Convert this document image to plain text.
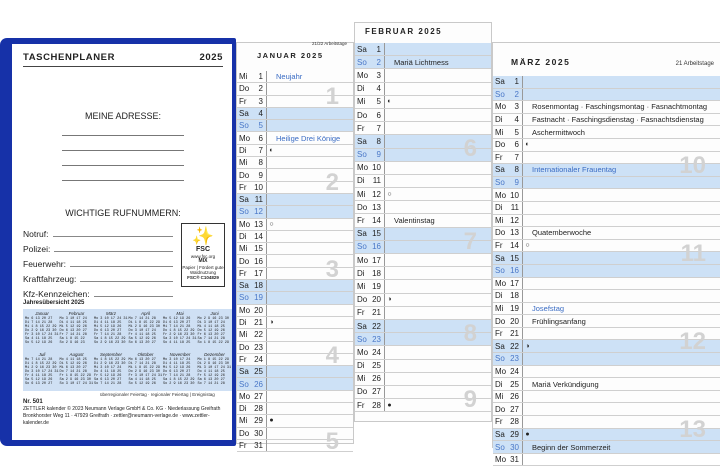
TASCHENPLANER	2025
MEINE ADRESSE:
WICHTIGE RUFNUMMERN:
Notruf:
Polizei:
Feuerwehr:
Kraftfahrzeug:
Kfz-Kennzeichen:
✨
FSC
www.fsc.org
MIX
Papier | Fördert gute Waldnutzung
FSC® C104829
Jahresübersicht 2025
Januar
Mo 6 13 20 27
Di 7 14 21 28
Mi 1 8 15 22 29
Do 2 9 16 23 30
Fr 3 10 17 24 31
Sa 4 11 18 25
So 5 12 19 26
Februar
Mo 3 10 17 24
Di 4 11 18 25
Mi 5 12 19 26
Do 6 13 20 27
Fr 7 14 21 28
Sa 1 8 15 22
So 2 9 16 23
März
Mo 3 10 17 24 31
Di 4 11 18 25
Mi 5 12 19 26
Do 6 13 20 27
Fr 7 14 21 28
Sa 1 8 15 22 29
So 2 9 16 23 30
April
Mo 7 14 21 28
Di 1 8 15 22 29
Mi 2 9 16 23 30
Do 3 10 17 24
Fr 4 11 18 25
Sa 5 12 19 26
So 6 13 20 27
Mai
Mo 5 12 19 26
Di 6 13 20 27
Mi 7 14 21 28
Do 1 8 15 22 29
Fr 2 9 16 23 30
Sa 3 10 17 24 31
So 4 11 18 25
Juni
Mo 2 9 16 23 30
Di 3 10 17 24
Mi 4 11 18 25
Do 5 12 19 26
Fr 6 13 20 27
Sa 7 14 21 28
So 1 8 15 22 29
Juli
Mo 7 14 21 28
Di 1 8 15 22 29
Mi 2 9 16 23 30
Do 3 10 17 24 31
Fr 4 11 18 25
Sa 5 12 19 26
So 6 13 20 27
August
Mo 4 11 18 25
Di 5 12 19 26
Mi 6 13 20 27
Do 7 14 21 28
Fr 1 8 15 22 29
Sa 2 9 16 23 30
So 3 10 17 24 31
September
Mo 1 8 15 22 29
Di 2 9 16 23 30
Mi 3 10 17 24
Do 4 11 18 25
Fr 5 12 19 26
Sa 6 13 20 27
So 7 14 21 28
Oktober
Mo 6 13 20 27
Di 7 14 21 28
Mi 1 8 15 22 29
Do 2 9 16 23 30
Fr 3 10 17 24 31
Sa 4 11 18 25
So 5 12 19 26
November
Mo 3 10 17 24
Di 4 11 18 25
Mi 5 12 19 26
Do 6 13 20 27
Fr 7 14 21 28
Sa 1 8 15 22 29
So 2 9 16 23 30
Dezember
Mo 1 8 15 22 29
Di 2 9 16 23 30
Mi 3 10 17 24 31
Do 4 11 18 25
Fr 5 12 19 26
Sa 6 13 20 27
So 7 14 21 28
überregionaler Feiertag · regionaler Feiertag | Ereignistag
Nr. 501
ZETTLER kalender © 2023 Neumann Verlage GmbH & Co. KG · Niederlassung Greifrath
Bronkhorster Weg 11 · 47929 Greifrath · zettler@neumann-verlage.de · www.zettler-kalender.de
JANUAR 2025
21/22 Arbeitstage
Mi	1	Neujahr
Do	2
Fr	3
Sa	4
So	5
Mo	6	Heilige Drei Könige
Di	7 ◐
Mi	8
Do	9
Fr 10
Sa 11
So 12
Mo 13 ○
Di 14
Mi 15
Do 16
Fr 17
Sa 18
So 19
Mo 20
Di 21 ◑
Mi 22
Do 23
Fr 24
Sa 25
So 26
Mo 27
Di 28
Mi 29 ●
Do 30
Fr 31
1
2
3
4
5
FEBRUAR 2025
Sa	1
So	2	Mariä Lichtmess
Mo	3
Di	4
Mi	5 ◐
Do	6
Fr	7
Sa	8
So	9
Mo 10
Di	11
Mi 12 ○
Do 13
Fr 14	Valentinstag
Sa 15
So 16
Mo 17
Di 18
Mi 19
Do 20 ◑
Fr 21
Sa 22
So 23
Mo 24
Di 25
Mi 26
Do 27
Fr 28 ●
6
7
8
9
MÄRZ 2025	21 Arbeitstage
Sa	1
So	2
Mo	3	Rosenmontag · Faschingsmontag · Fasnachtmontag
Di	4	Fastnacht · Faschingsdienstag · Fasnachtsdienstag
Mi	5	Aschermittwoch
Do	6 ◐
Fr	7
Sa	8	Internationaler Frauentag
So	9
Mo 10
Di	11
Mi 12
Do 13	Quatemberwoche
Fr 14 ○
Sa 15
So 16
Mo 17
Di 18
Mi 19	Josefstag
Do 20	Frühlingsanfang
Fr 21
Sa 22 ◑
So 23
Mo 24
Di 25	Mariä Verkündigung
Mi 26
Do 27
Fr 28
Sa 29 ●
So 30	Beginn der Sommerzeit
Mo 31
10
11
12
13
